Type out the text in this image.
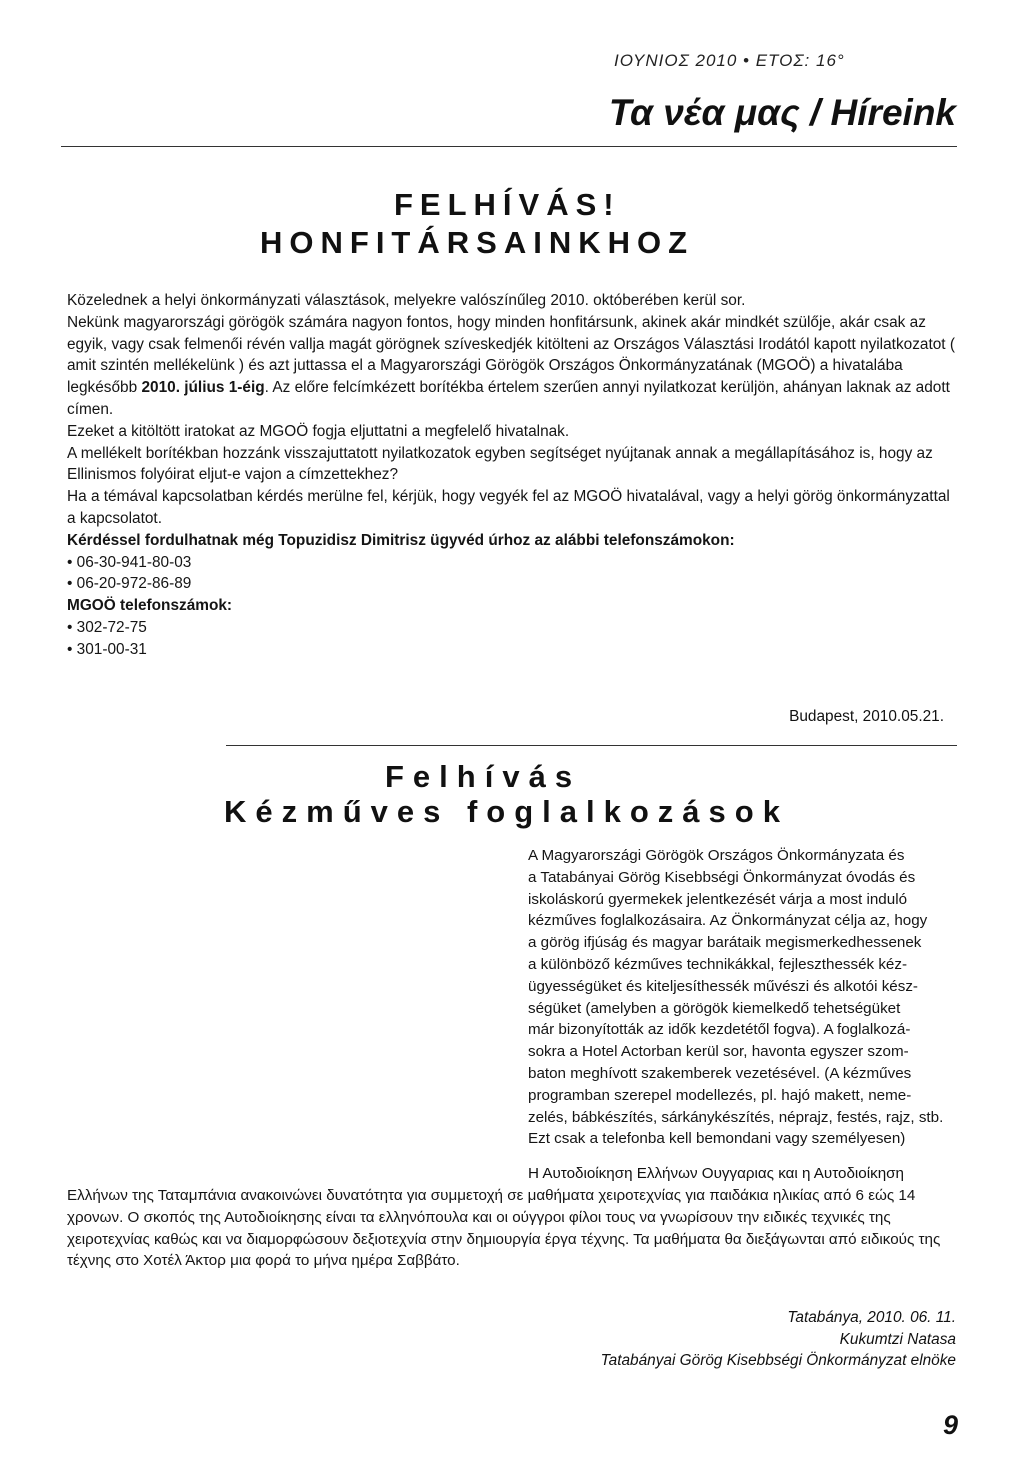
ΙΟΥΝΙΟΣ 2010 • ΕΤΟΣ: 16°
Τα νέα μας / Híreink
FELHÍVÁS!
HONFITÁRSAINKHOZ

Közelednek a helyi önkormányzati választások, melyekre valószínűleg 2010. októberében kerül sor.

Nekünk magyarországi görögök számára nagyon fontos, hogy minden honfitársunk, akinek akár mindkét szülője, akár csak az egyik, vagy csak felmenői révén vallja magát görögnek szíveskedjék kitölteni az Országos Választási Irodától kapott nyilatkozatot ( amit szintén mellékelünk ) és azt juttassa el a Magyarországi Görögök Országos Önkormányzatának (MGOÖ) a hivatalába legkésőbb 2010. július 1-éig. Az előre felcímkézett borítékba értelem szerűen annyi nyilatkozat kerüljön, ahányan laknak az adott címen.

Ezeket a kitöltött iratokat az MGOÖ fogja eljuttatni a megfelelő hivatalnak.

A mellékelt borítékban hozzánk visszajuttatott nyilatkozatok egyben segítséget nyújtanak annak a megállapításához is, hogy az Ellinismos folyóirat eljut-e vajon a címzettekhez?

Ha a témával kapcsolatban kérdés merülne fel, kérjük, hogy vegyék fel az MGOÖ hivatalával, vagy a helyi görög önkormányzattal a kapcsolatot.

Kérdéssel fordulhatnak még Topuzidisz Dimitrisz ügyvéd úrhoz az alábbi telefonszámokon:

• 06-30-941-80-03

• 06-20-972-86-89

MGOÖ telefonszámok:

• 302-72-75

• 301-00-31

Budapest, 2010.05.21.
Felhívás
Kézműves foglalkozások

A Magyarországi Görögök Országos Önkormányzata és

a Tatabányai Görög Kisebbségi Önkormányzat óvodás és

iskoláskorú gyermekek jelentkezését várja a most induló

kézműves foglalkozásaira. Az Önkormányzat célja az, hogy

a görög ifjúság és magyar barátaik megismerkedhessenek

a különböző kézműves technikákkal, fejleszthessék kéz-

ügyességüket és kiteljesíthessék művészi és alkotói kész-

ségüket (amelyben a görögök kiemelkedő tehetségüket

már bizonyították az idők kezdetétől fogva). A foglalkozá-

sokra a Hotel Actorban kerül sor, havonta egyszer szom-

baton meghívott szakemberek vezetésével. (A kézműves

programban szerepel modellezés, pl. hajó makett, neme-

zelés, bábkészítés, sárkánykészítés, néprajz, festés, rajz, stb.

Ezt csak a telefonba kell bemondani vagy személyesen)

Η Αυτοδιοίκηση Ελλήνων Ουγγαριας και η Αυτοδιοίκηση
Ελλήνων της Ταταμπάνια ανακοινώνει δυνατότητα για συμμετοχή σε μαθήματα χειροτεχνίας για παιδάκια ηλικίας από 6 εώς 14 χρονων. Ο σκοπός της Αυτοδιοίκησης είναι τα ελληνόπουλα και οι ούγγροι φίλοι τους να γνωρίσουν την ειδικές τεχνικές της χειροτεχνίας καθώς και να διαμορφώσουν δεξιοτεχνία στην δημιουργία έργα τέχνης. Τα μαθήματα θα διεξάγωνται από ειδικούς της τέχνης στο Χοτέλ Άκτορ μια φορά το μήνα ημέρα Σαββάτο.
Tatabánya, 2010. 06. 11.
Kukumtzi Natasa
Tatabányai Görög Kisebbségi Önkormányzat elnöke
9
